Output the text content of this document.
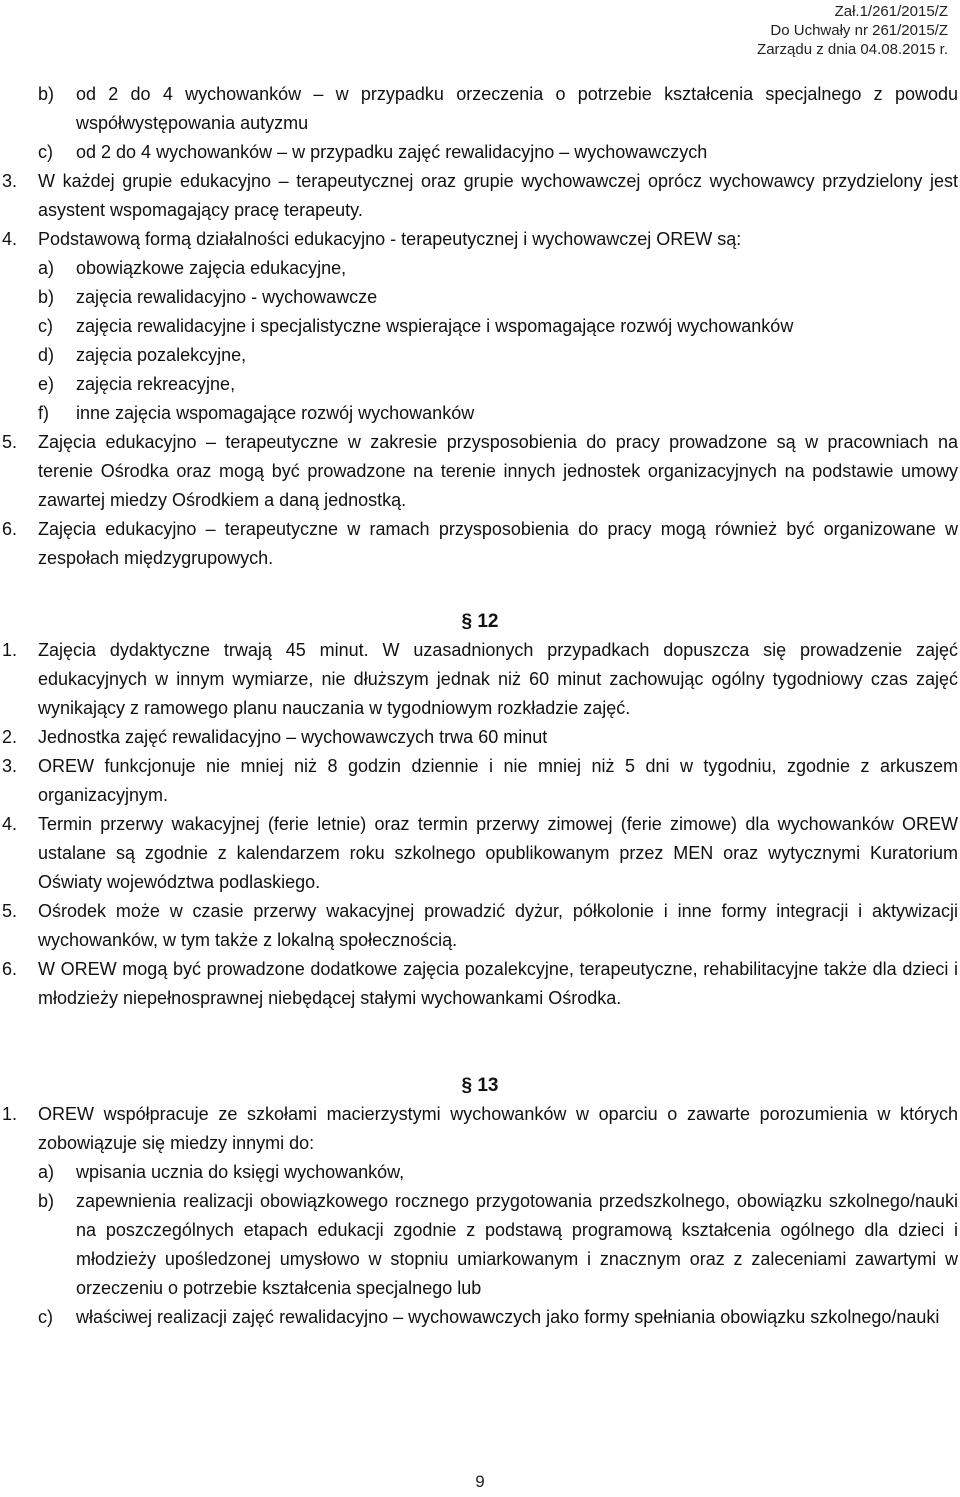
Zał.1/261/2015/Z
Do Uchwały nr 261/2015/Z
Zarządu z dnia 04.08.2015 r.
b)	od 2 do 4 wychowanków – w przypadku orzeczenia o potrzebie kształcenia specjalnego z powodu współwystępowania autyzmu
c)	od 2 do 4 wychowanków – w przypadku zajęć rewalidacyjno – wychowawczych
3.	W każdej grupie edukacyjno – terapeutycznej oraz grupie wychowawczej oprócz wychowawcy przydzielony jest asystent wspomagający pracę terapeuty.
4.	Podstawową formą działalności edukacyjno - terapeutycznej i wychowawczej OREW są:
a)	obowiązkowe zajęcia edukacyjne,
b)	zajęcia rewalidacyjno - wychowawcze
c)	zajęcia rewalidacyjne i specjalistyczne wspierające i wspomagające rozwój wychowanków
d)	zajęcia pozalekcyjne,
e)	zajęcia rekreacyjne,
f)	inne zajęcia wspomagające rozwój wychowanków
5.	Zajęcia edukacyjno – terapeutyczne w zakresie przysposobienia do pracy prowadzone są w pracowniach na terenie Ośrodka oraz mogą być prowadzone na terenie innych jednostek organizacyjnych na podstawie umowy zawartej miedzy Ośrodkiem a daną jednostką.
6.	Zajęcia edukacyjno – terapeutyczne w ramach przysposobienia do pracy mogą również być organizowane w zespołach międzygrupowych.
§ 12
1.	Zajęcia dydaktyczne trwają 45 minut. W uzasadnionych przypadkach dopuszcza się prowadzenie zajęć edukacyjnych w innym wymiarze, nie dłuższym jednak niż 60 minut zachowując ogólny tygodniowy czas zajęć wynikający z ramowego planu nauczania w tygodniowym rozkładzie zajęć.
2.	Jednostka zajęć rewalidacyjno – wychowawczych trwa 60 minut
3.	OREW funkcjonuje nie mniej niż 8 godzin dziennie i nie mniej niż 5 dni w tygodniu, zgodnie z arkuszem organizacyjnym.
4.	Termin przerwy wakacyjnej (ferie letnie) oraz termin przerwy zimowej (ferie zimowe) dla wychowanków OREW ustalane są zgodnie z kalendarzem roku szkolnego opublikowanym przez MEN oraz wytycznymi Kuratorium Oświaty województwa podlaskiego.
5.	Ośrodek może w czasie przerwy wakacyjnej prowadzić dyżur, półkolonie i inne formy integracji i aktywizacji wychowanków, w tym także z lokalną społecznością.
6.	W OREW mogą być prowadzone dodatkowe zajęcia pozalekcyjne, terapeutyczne, rehabilitacyjne także dla dzieci i młodzieży niepełnosprawnej niebędącej stałymi wychowankami Ośrodka.
§ 13
1.	OREW współpracuje ze szkołami macierzystymi wychowanków w oparciu o zawarte porozumienia w których zobowiązuje się miedzy innymi do:
a)	wpisania ucznia do księgi wychowanków,
b)	zapewnienia realizacji obowiązkowego rocznego przygotowania przedszkolnego, obowiązku szkolnego/nauki na poszczególnych etapach edukacji zgodnie z podstawą programową kształcenia ogólnego dla dzieci i młodzieży upośledzonej umysłowo w stopniu umiarkowanym i znacznym oraz z zaleceniami zawartymi w orzeczeniu o potrzebie kształcenia specjalnego lub
c)	właściwej realizacji zajęć rewalidacyjno – wychowawczych jako formy spełniania obowiązku szkolnego/nauki
9
